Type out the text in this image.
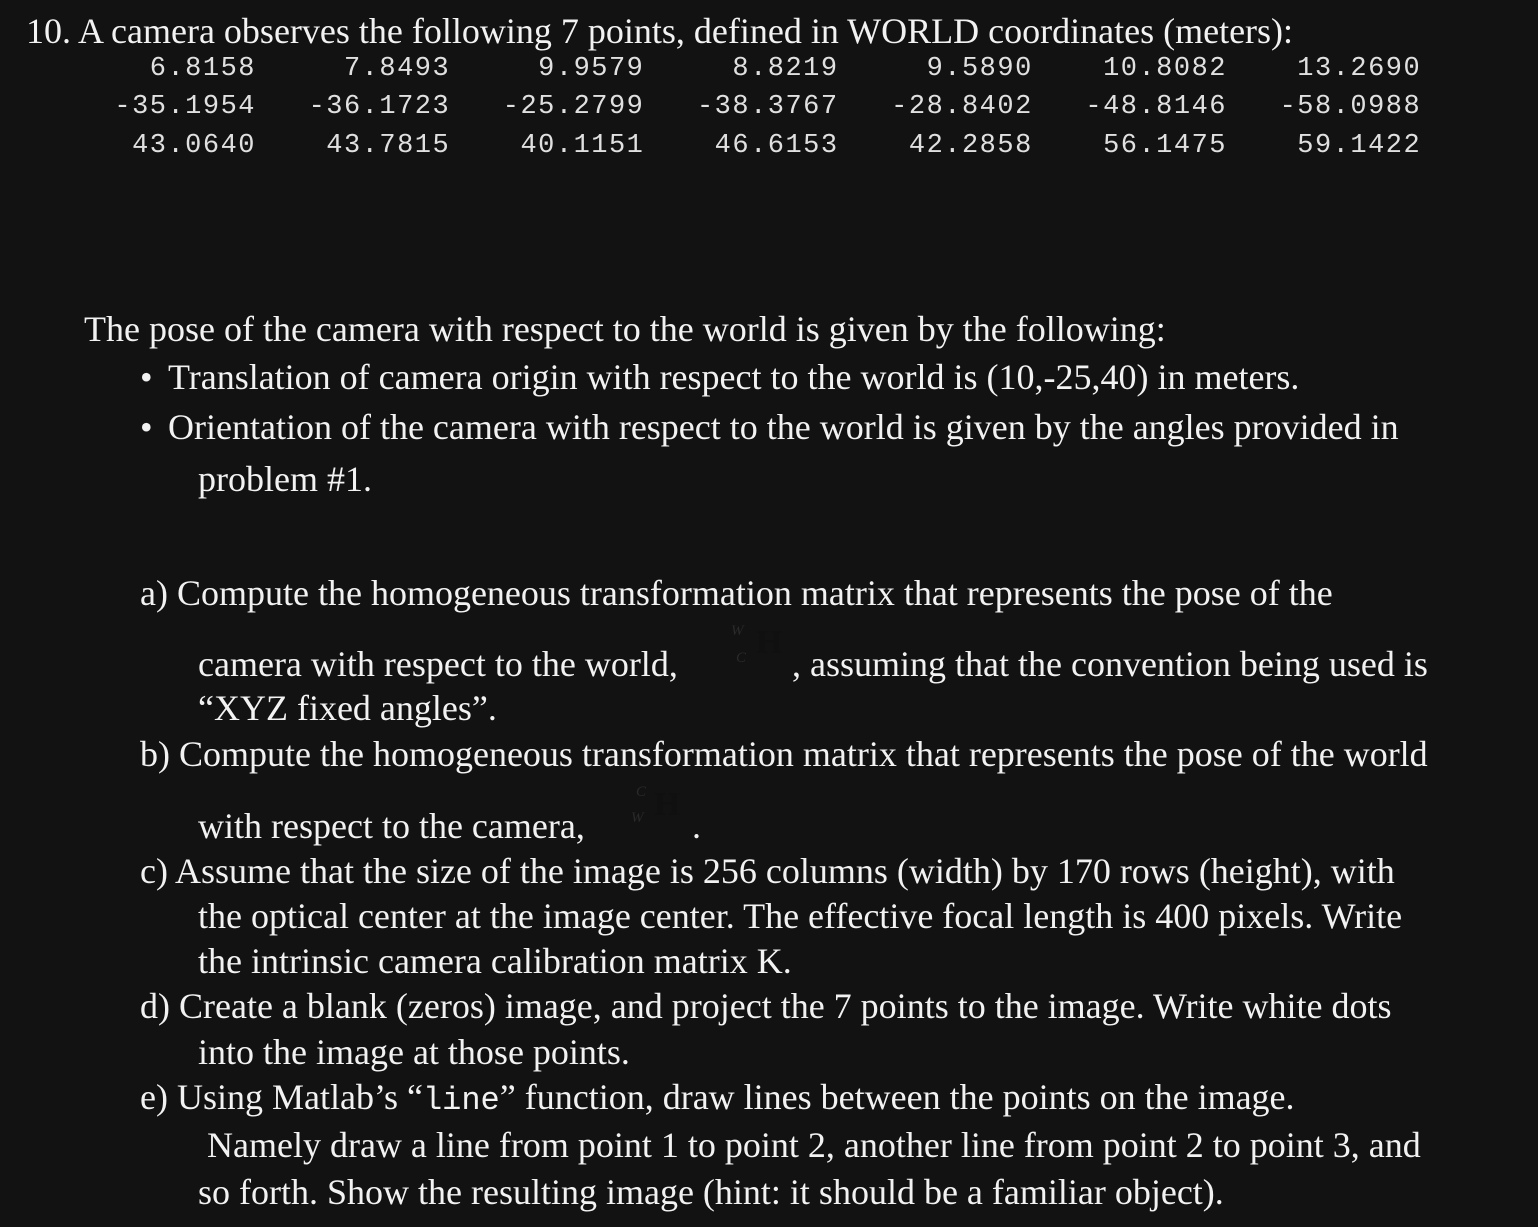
10. A camera observes the following 7 points, defined in WORLD coordinates (meters):
6.8158	7.8493	9.9579	8.8219	9.5890	10.8082	13.2690
-35.1954	-36.1723	-25.2799	-38.3767	-28.8402	-48.8146	-58.0988
43.0640	43.7815	40.1151	46.6153	42.2858	56.1475	59.1422
The pose of the camera with respect to the world is given by the following:
• Translation of camera origin with respect to the world is (10,-25,40) in meters.
• Orientation of the camera with respect to the world is given by the angles provided in
problem #1.
a) Compute the homogeneous transformation matrix that represents the pose of the
camera with respect to the world,
W H
C , assuming that the convention being used is
“XYZ fixed angles”.
b) Compute the homogeneous transformation matrix that represents the pose of the world
with respect to the camera,
C H
W .
c) Assume that the size of the image is 256 columns (width) by 170 rows (height), with
the optical center at the image center. The effective focal length is 400 pixels. Write
the intrinsic camera calibration matrix K.
d) Create a blank (zeros) image, and project the 7 points to the image. Write white dots
into the image at those points.
e) Using Matlab’s “line” function, draw lines between the points on the image.
Namely draw a line from point 1 to point 2, another line from point 2 to point 3, and
so forth. Show the resulting image (hint: it should be a familiar object).
